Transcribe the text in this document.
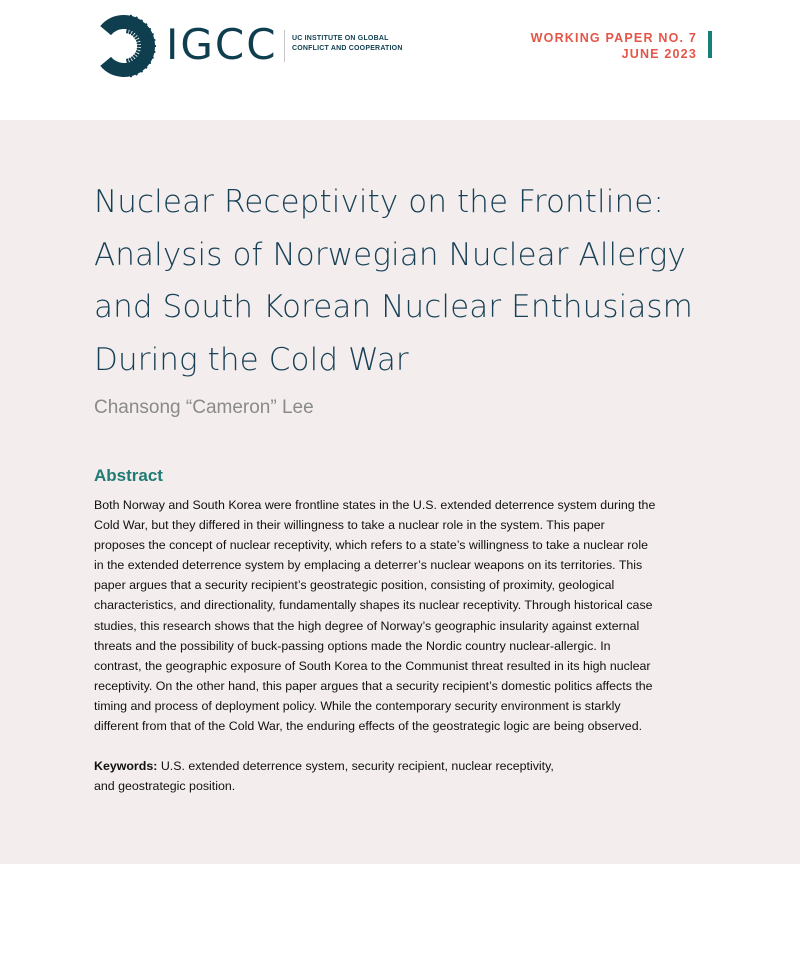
IGCC UC INSTITUTE ON GLOBAL
CONFLICT AND COOPERATION
WORKING PAPER NO. 7
JUNE 2023
Nuclear Receptivity on the Frontline:
Analysis of Norwegian Nuclear Allergy
and South Korean Nuclear Enthusiasm
During the Cold War
Chansong “Cameron” Lee
Abstract
Both Norway and South Korea were frontline states in the U.S. extended deterrence system during the
Cold War, but they differed in their willingness to take a nuclear role in the system. This paper
proposes the concept of nuclear receptivity, which refers to a state’s willingness to take a nuclear role
in the extended deterrence system by emplacing a deterrer’s nuclear weapons on its territories. This
paper argues that a security recipient’s geostrategic position, consisting of proximity, geological
characteristics, and directionality, fundamentally shapes its nuclear receptivity. Through historical case
studies, this research shows that the high degree of Norway’s geographic insularity against external
threats and the possibility of buck-passing options made the Nordic country nuclear-allergic. In
contrast, the geographic exposure of South Korea to the Communist threat resulted in its high nuclear
receptivity. On the other hand, this paper argues that a security recipient’s domestic politics affects the
timing and process of deployment policy. While the contemporary security environment is starkly
different from that of the Cold War, the enduring effects of the geostrategic logic are being observed.
Keywords: U.S. extended deterrence system, security recipient, nuclear receptivity,
and geostrategic position.
